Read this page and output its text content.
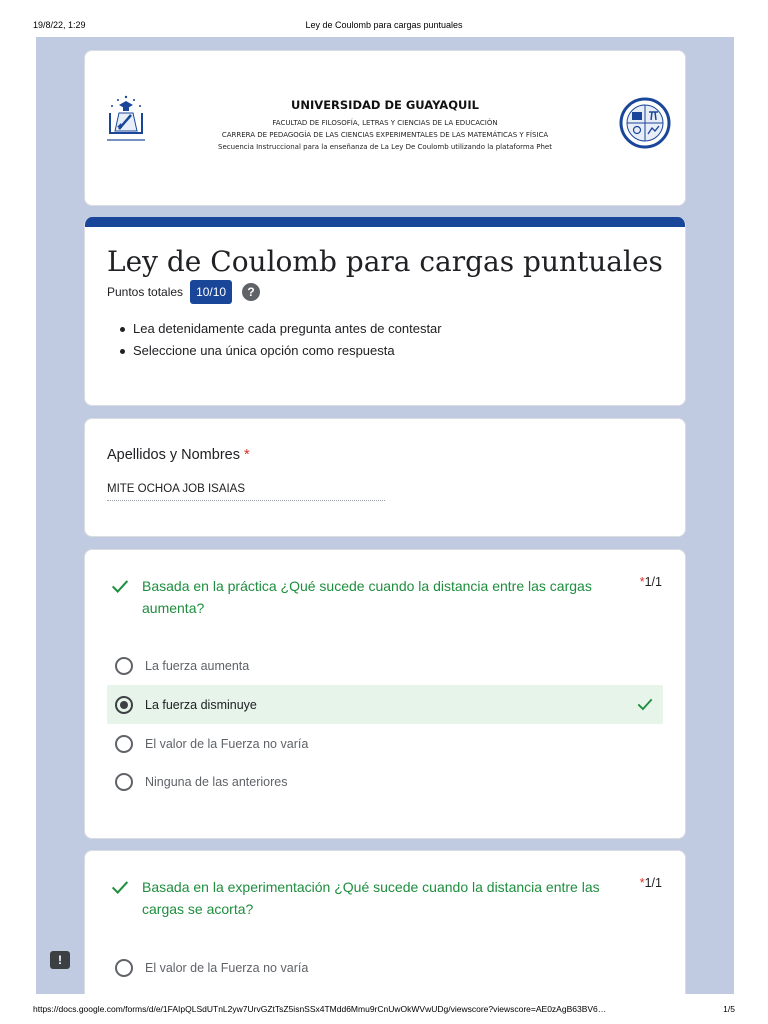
19/8/22, 1:29	Ley de Coulomb para cargas puntuales
UNIVERSIDAD DE GUAYAQUIL
FACULTAD DE FILOSOFÍA, LETRAS Y CIENCIAS DE LA EDUCACIÓN
CARRERA DE PEDAGOGÍA DE LAS CIENCIAS EXPERIMENTALES DE LAS MATEMÁTICAS Y FÍSICA
Secuencia Instruccional para la enseñanza de La Ley De Coulomb utilizando la plataforma Phet
Ley de Coulomb para cargas puntuales
Puntos totales	10/10	?
Lea detenidamente cada pregunta antes de contestar
Seleccione una única opción como respuesta
Apellidos y Nombres *
MITE OCHOA JOB ISAIAS
Basada en la práctica ¿Qué sucede cuando la distancia entre las cargas aumenta?
*1/1
La fuerza aumenta
La fuerza disminuye
El valor de la Fuerza no varía
Ninguna de las anteriores
Basada en la experimentación ¿Qué sucede cuando la distancia entre las cargas se acorta?
*1/1
El valor de la Fuerza no varía
!
https://docs.google.com/forms/d/e/1FAIpQLSdUTnL2yw7UrvGZtTsZ5isnSSx4TMdd6Mmu9rCnUwOkWVwUDg/viewscore?viewscore=AE0zAgB63BV6…	1/5
